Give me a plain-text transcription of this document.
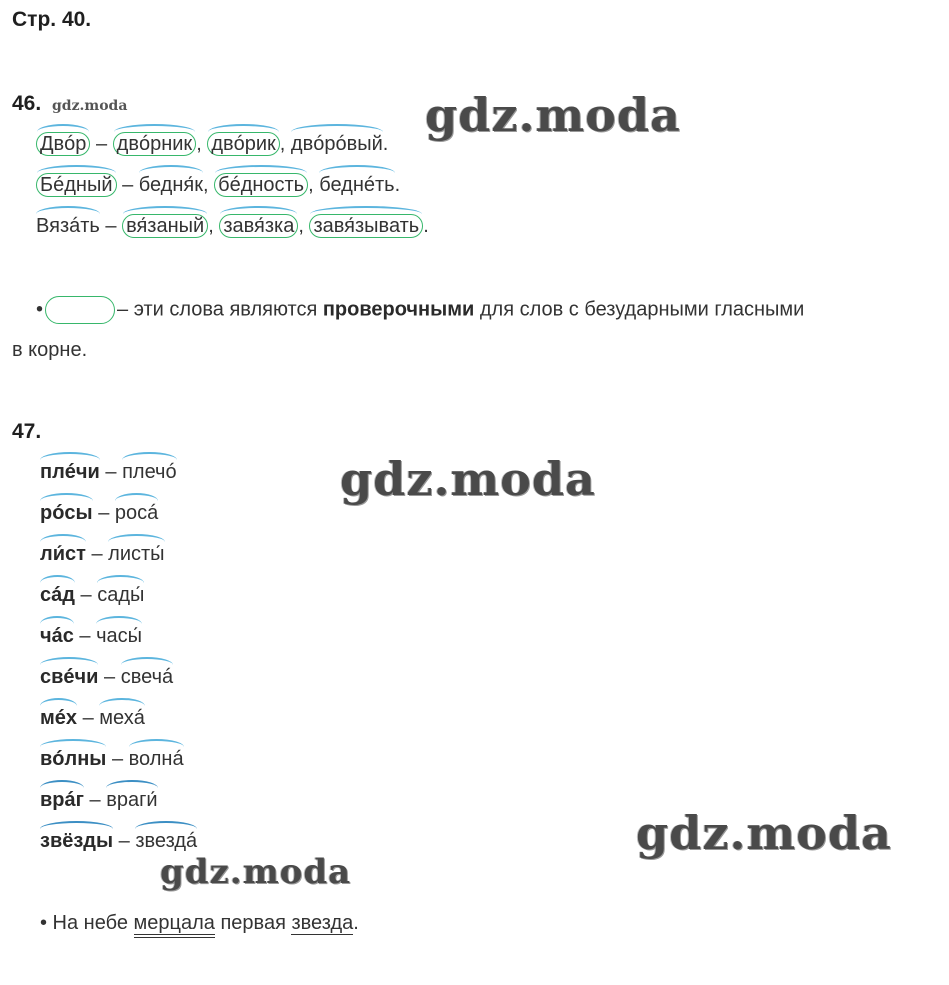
Стр. 40.
46. gdz.moda	gdz.moda
Двóр – двóрник , двóрик , двóрóвый.
Бéдный – бедня́к, бéдность , беднéть.
Вязáть – вя́заный , завя́зка , завя́зывать .
•	– эти слова являются проверочными для слов с безударными гласными
в корне.
47.
gdz.moda
gdz.moda
gdz.moda
плéчи – плечó
рóсы – росá
ли́ст – листы́
сáд – сады́
чáс – часы́
свéчи – свечá
мéх – мехá
вóлны – волнá
врáг – враги́
звёзды – звездá
• На небе мерцала первая звезда.
